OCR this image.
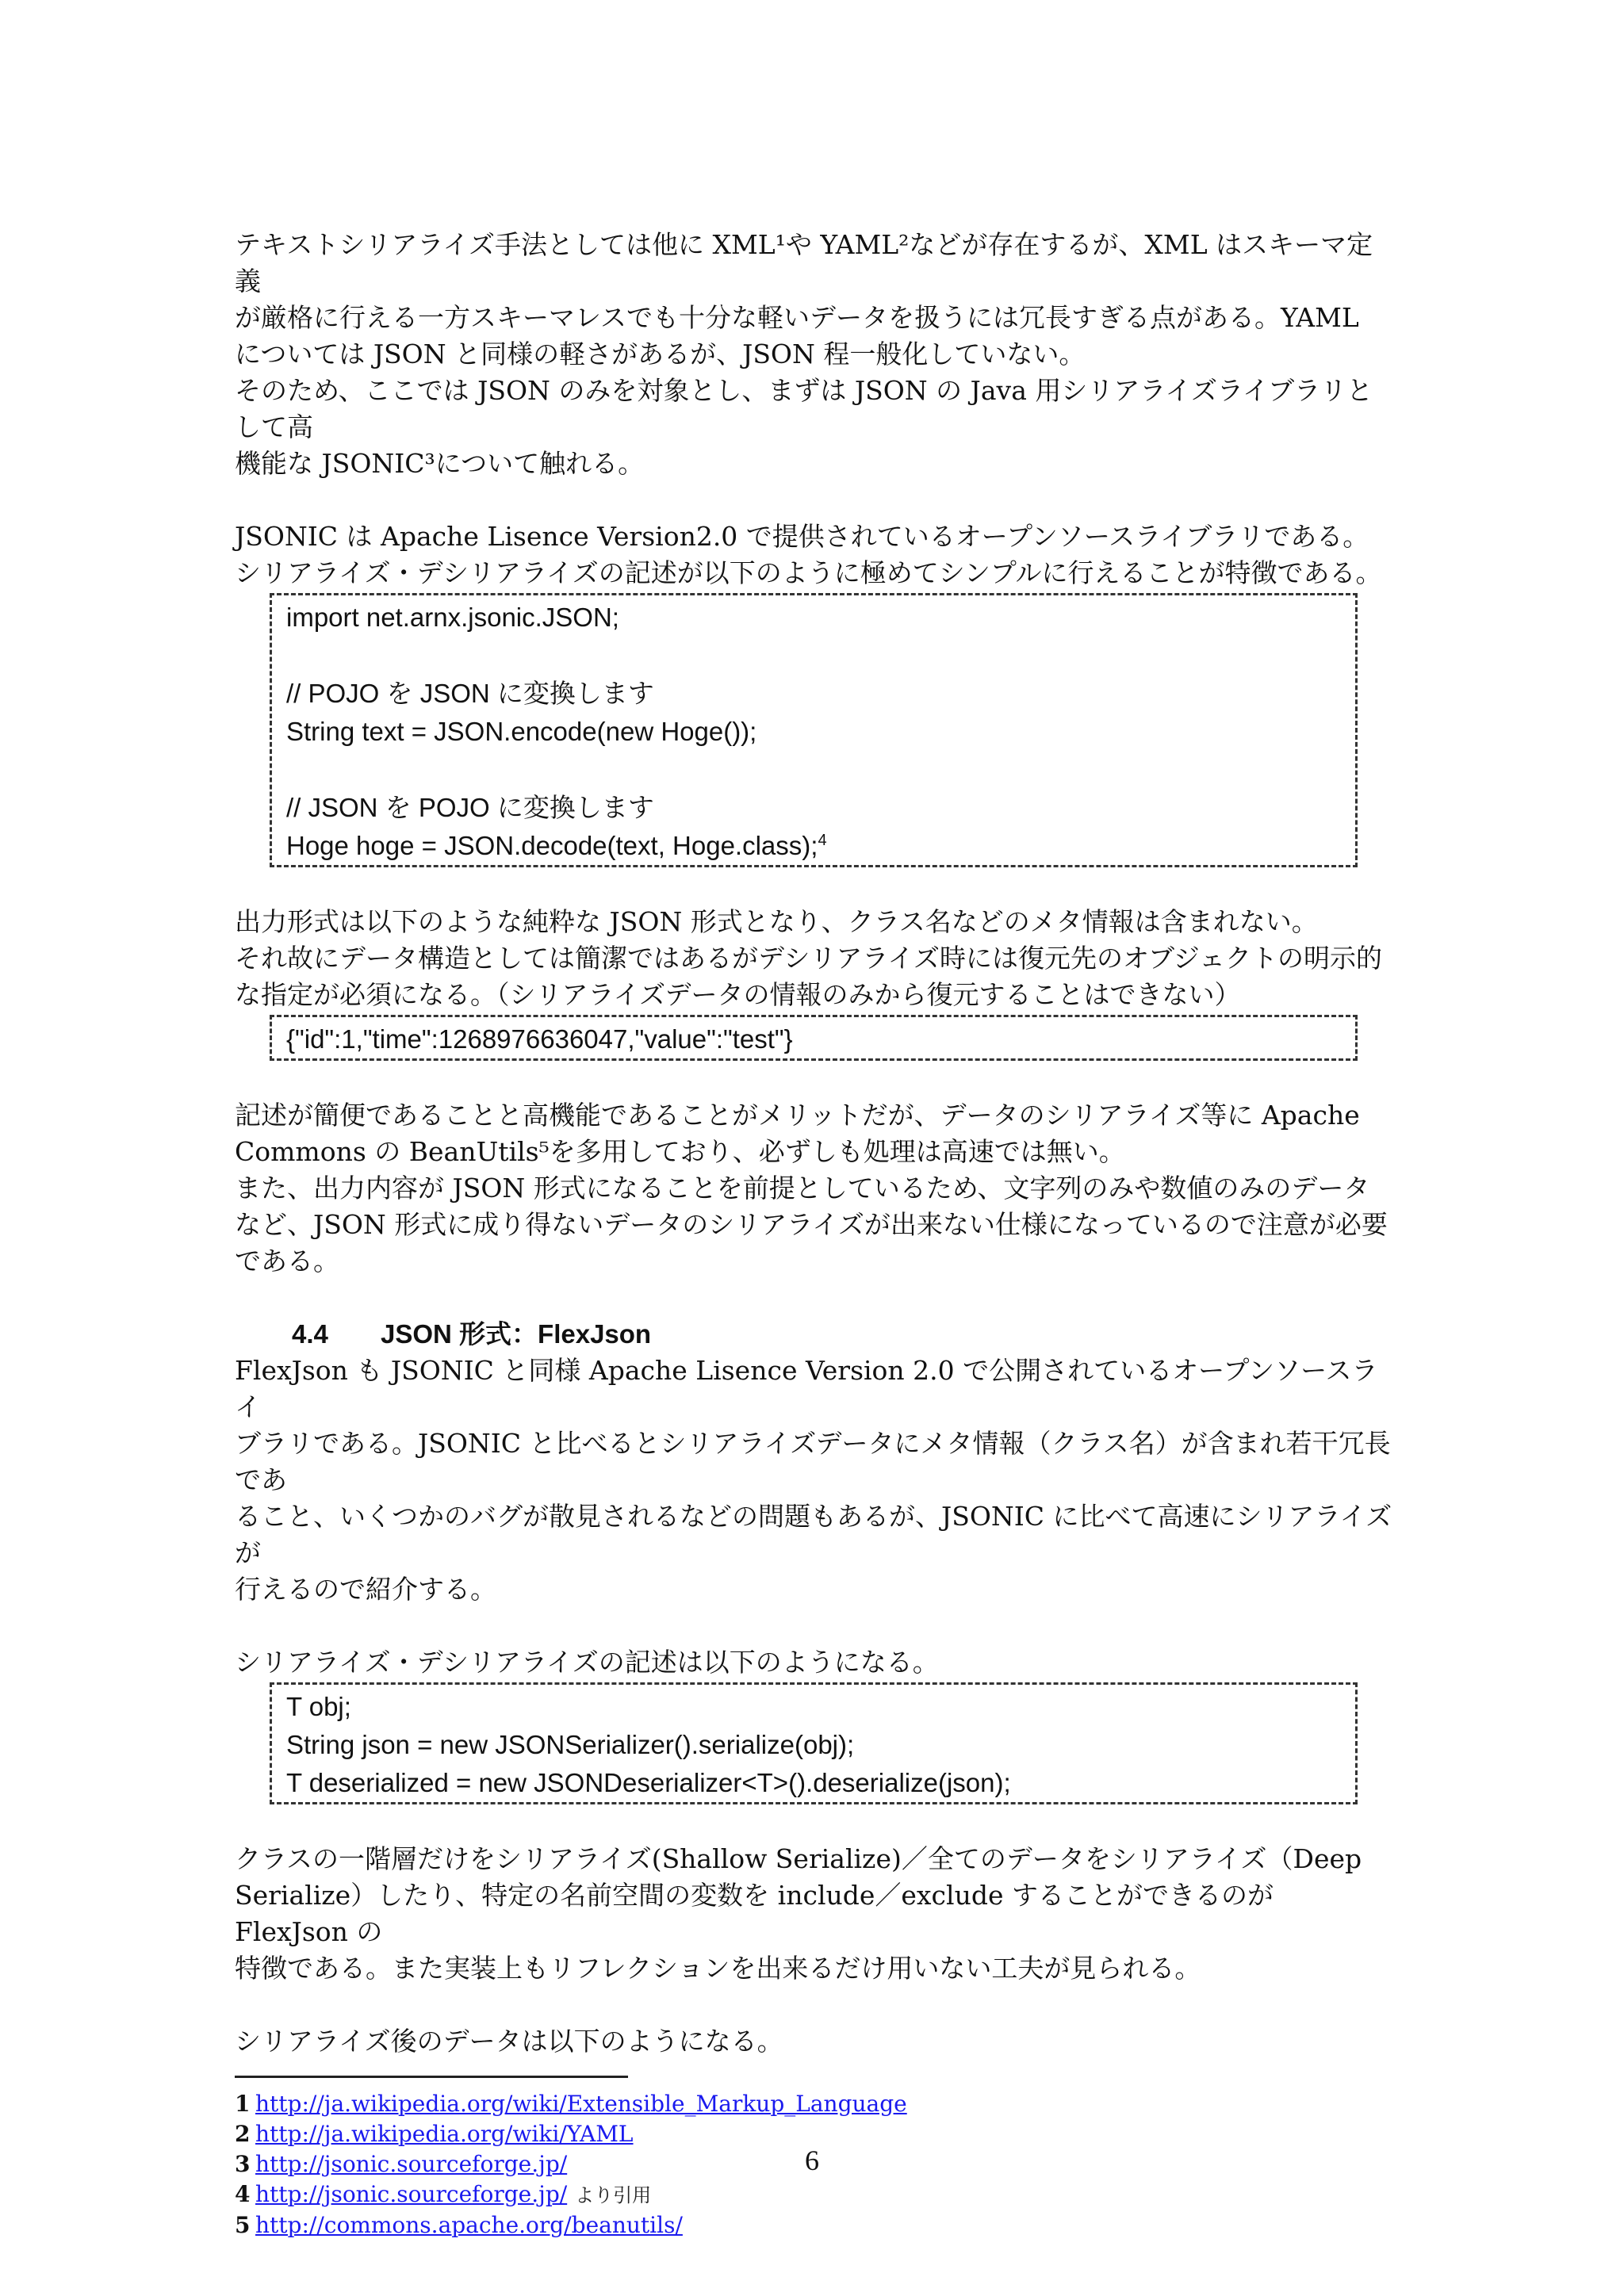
テキストシリアライズ手法としては他に XML¹や YAML²などが存在するが、XML はスキーマ定義

が厳格に行える一方スキーマレスでも十分な軽いデータを扱うには冗長すぎる点がある。YAML

については JSON と同様の軽さがあるが、JSON 程一般化していない。

そのため、ここでは JSON のみを対象とし、まずは JSON の Java 用シリアライズライブラリとして高

機能な JSONIC³について触れる。

JSONIC は Apache Lisence Version2.0 で提供されているオープンソースライブラリである。

シリアライズ・デシリアライズの記述が以下のように極めてシンプルに行えることが特徴である。

import net.arnx.jsonic.JSON;
// POJO を JSON に変換します
String text = JSON.encode(new Hoge());
// JSON を POJO に変換します
Hoge hoge = JSON.decode(text, Hoge.class);$^4$

出力形式は以下のような純粋な JSON 形式となり、クラス名などのメタ情報は含まれない。

それ故にデータ構造としては簡潔ではあるがデシリアライズ時には復元先のオブジェクトの明示的

な指定が必須になる。（シリアライズデータの情報のみから復元することはできない）

{"id":1,"time":1268976636047,"value":"test"}

記述が簡便であることと高機能であることがメリットだが、データのシリアライズ等に Apache

Commons の BeanUtils⁵を多用しており、必ずしも処理は高速では無い。

また、出力内容が JSON 形式になることを前提としているため、文字列のみや数値のみのデータ

など、JSON 形式に成り得ないデータのシリアライズが出来ない仕様になっているので注意が必要

である。

4.4 JSON 形式：FlexJson

FlexJson も JSONIC と同様 Apache Lisence Version 2.0 で公開されているオープンソースライ

ブラリである。JSONIC と比べるとシリアライズデータにメタ情報（クラス名）が含まれ若干冗長であ

ること、いくつかのバグが散見されるなどの問題もあるが、JSONIC に比べて高速にシリアライズが

行えるので紹介する。

シリアライズ・デシリアライズの記述は以下のようになる。

T obj;
String json = new JSONSerializer().serialize(obj);
T deserialized = new JSONDeserializer<T>().deserialize(json);

クラスの一階層だけをシリアライズ(Shallow Serialize)／全てのデータをシリアライズ（Deep

Serialize）したり、特定の名前空間の変数を include／exclude することができるのが FlexJson の

特徴である。また実装上もリフレクションを出来るだけ用いない工夫が見られる。

シリアライズ後のデータは以下のようになる。

1 http://ja.wikipedia.org/wiki/Extensible_Markup_Language

2 http://ja.wikipedia.org/wiki/YAML

3 http://jsonic.sourceforge.jp/

4 http://jsonic.sourceforge.jp/ より引用

5 http://commons.apache.org/beanutils/

6
